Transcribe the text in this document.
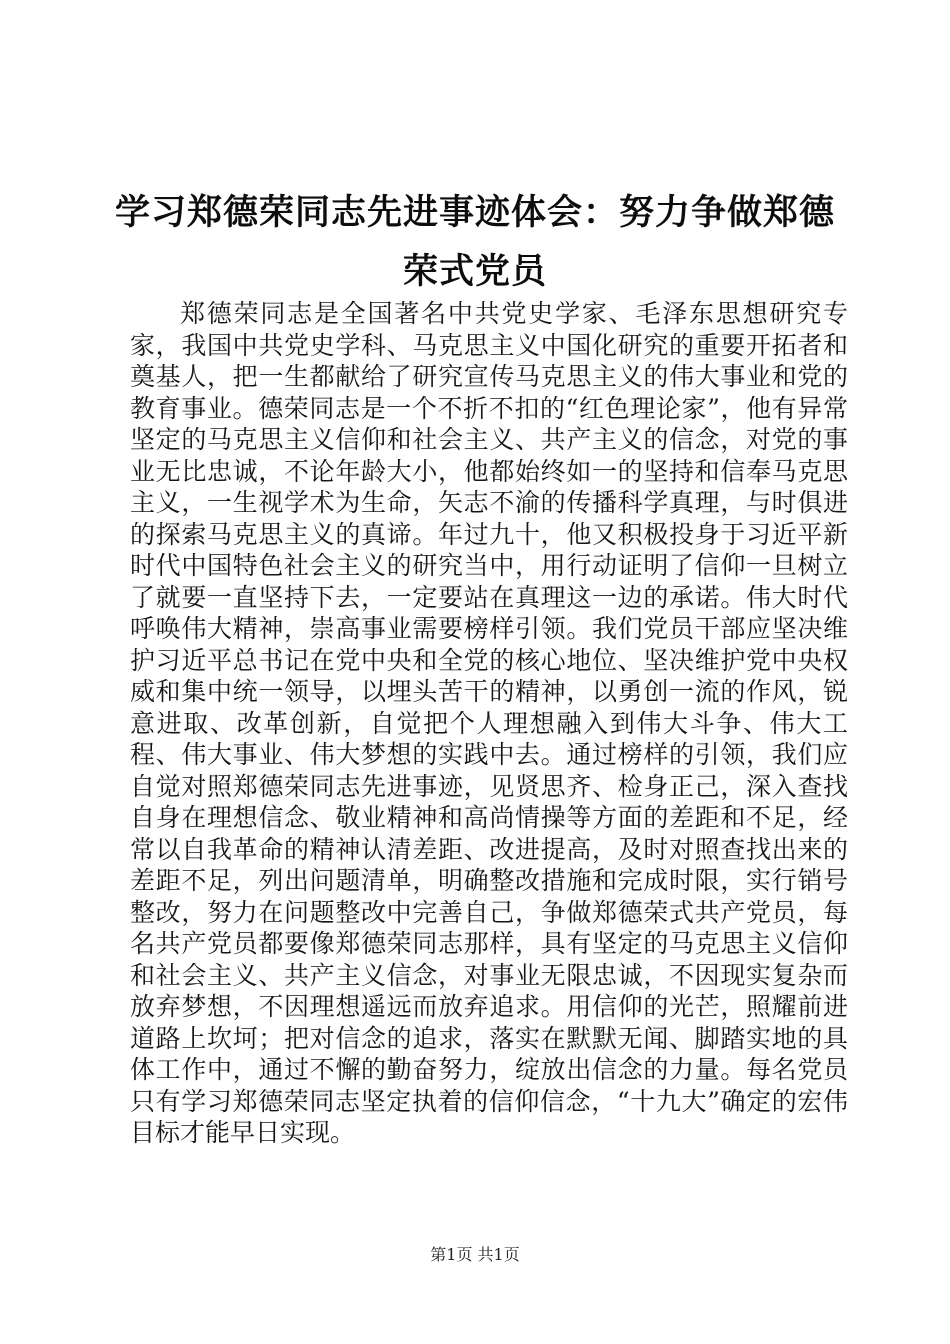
学习郑德荣同志先进事迹体会：努力争做郑德荣式党员

郑德荣同志是全国著名中共党史学家、毛泽东思想研究专家，我国中共党史学科、马克思主义中国化研究的重要开拓者和奠基人，把一生都献给了研究宣传马克思主义的伟大事业和党的教育事业。德荣同志是一个不折不扣的“红色理论家”，他有异常坚定的马克思主义信仰和社会主义、共产主义的信念，对党的事业无比忠诚，不论年龄大小，他都始终如一的坚持和信奉马克思主义，一生视学术为生命，矢志不渝的传播科学真理，与时俱进的探索马克思主义的真谛。年过九十，他又积极投身于习近平新时代中国特色社会主义的研究当中，用行动证明了信仰一旦树立了就要一直坚持下去，一定要站在真理这一边的承诺。伟大时代呼唤伟大精神，崇高事业需要榜样引领。我们党员干部应坚决维护习近平总书记在党中央和全党的核心地位、坚决维护党中央权威和集中统一领导，以埋头苦干的精神，以勇创一流的作风，锐意进取、改革创新，自觉把个人理想融入到伟大斗争、伟大工程、伟大事业、伟大梦想的实践中去。通过榜样的引领，我们应自觉对照郑德荣同志先进事迹，见贤思齐、检身正己，深入查找自身在理想信念、敬业精神和高尚情操等方面的差距和不足，经常以自我革命的精神认清差距、改进提高，及时对照查找出来的差距不足，列出问题清单，明确整改措施和完成时限，实行销号整改，努力在问题整改中完善自己，争做郑德荣式共产党员，每名共产党员都要像郑德荣同志那样，具有坚定的马克思主义信仰和社会主义、共产主义信念，对事业无限忠诚，不因现实复杂而放弃梦想，不因理想遥远而放弃追求。用信仰的光芒，照耀前进道路上坎坷；把对信念的追求，落实在默默无闻、脚踏实地的具体工作中，通过不懈的勤奋努力，绽放出信念的力量。每名党员只有学习郑德荣同志坚定执着的信仰信念，“十九大”确定的宏伟目标才能早日实现。

第1页 共1页
